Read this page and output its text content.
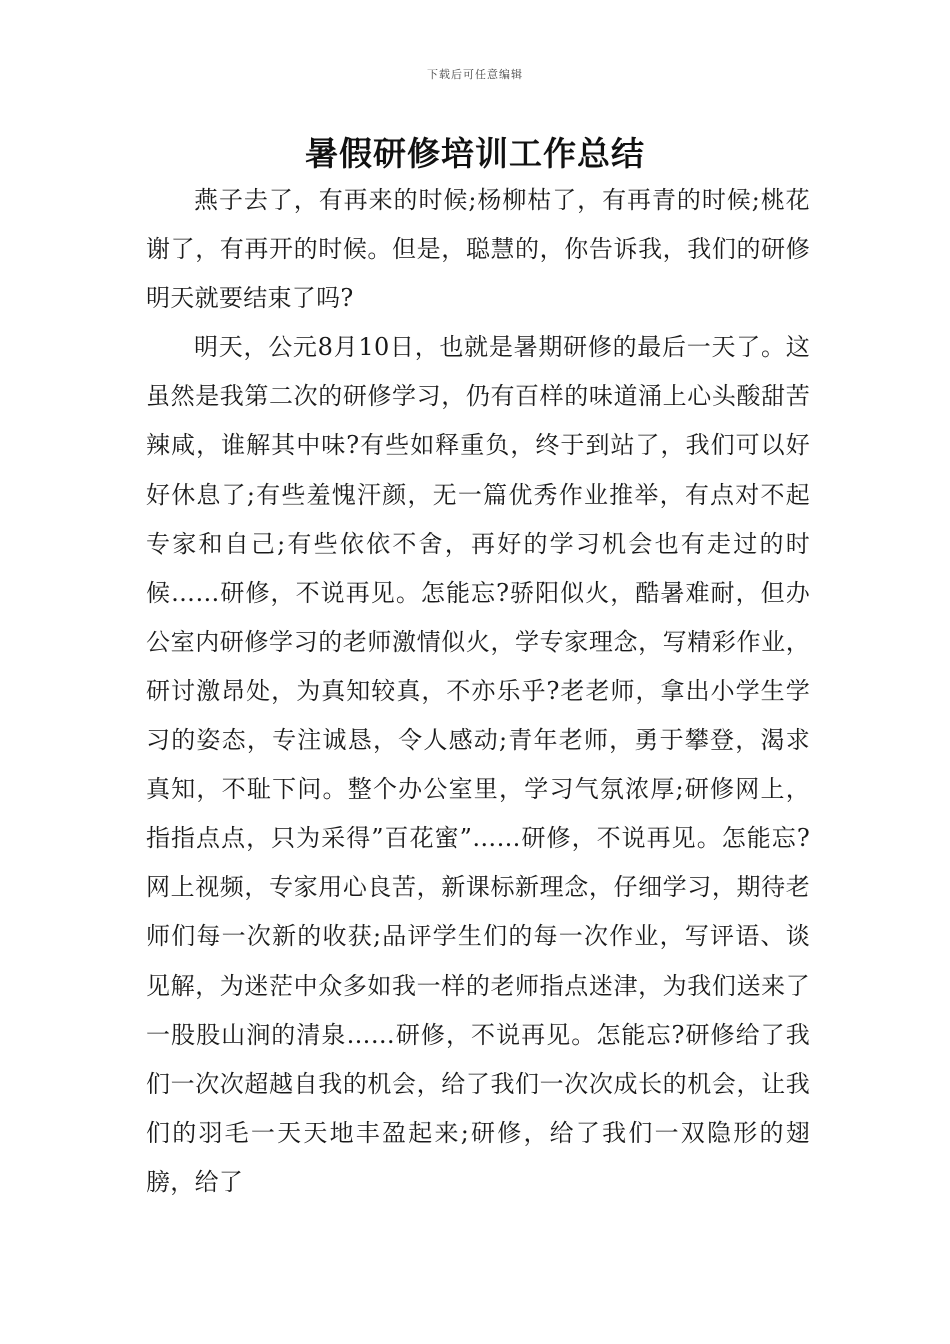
下载后可任意编辑
暑假研修培训工作总结

燕子去了，有再来的时候;杨柳枯了，有再青的时候;桃花谢了，有再开的时候。但是，聪慧的，你告诉我，我们的研修明天就要结束了吗?

明天，公元8月10日，也就是暑期研修的最后一天了。这虽然是我第二次的研修学习，仍有百样的味道涌上心头酸甜苦辣咸，谁解其中味?有些如释重负，终于到站了，我们可以好好休息了;有些羞愧汗颜，无一篇优秀作业推举，有点对不起专家和自己;有些依依不舍，再好的学习机会也有走过的时候……研修，不说再见。怎能忘?骄阳似火，酷暑难耐，但办公室内研修学习的老师激情似火，学专家理念，写精彩作业，研讨激昂处，为真知较真，不亦乐乎?老老师，拿出小学生学习的姿态，专注诚恳，令人感动;青年老师，勇于攀登，渴求真知，不耻下问。整个办公室里，学习气氛浓厚;研修网上，指指点点，只为采得”百花蜜”……研修，不说再见。怎能忘?网上视频，专家用心良苦，新课标新理念，仔细学习，期待老师们每一次新的收获;品评学生们的每一次作业，写评语、谈见解，为迷茫中众多如我一样的老师指点迷津，为我们送来了一股股山涧的清泉……研修，不说再见。怎能忘?研修给了我们一次次超越自我的机会，给了我们一次次成长的机会，让我们的羽毛一天天地丰盈起来;研修，给了我们一双隐形的翅膀，给了
